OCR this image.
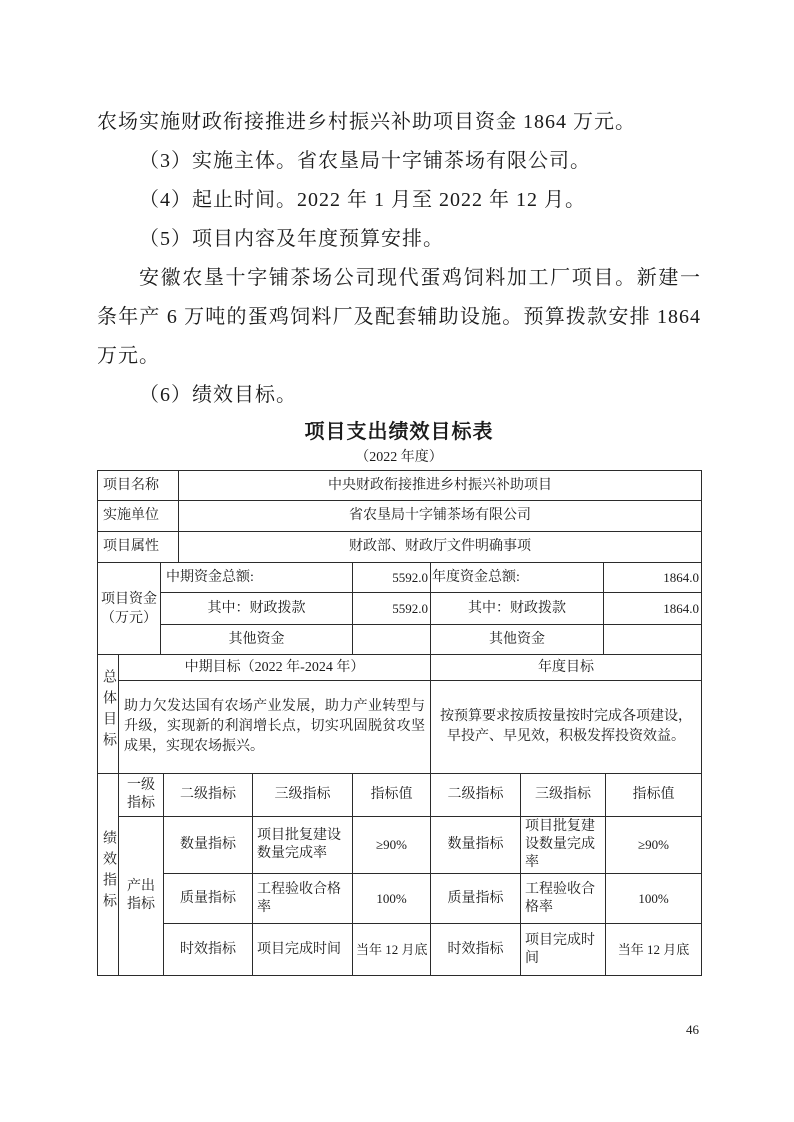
农场实施财政衔接推进乡村振兴补助项目资金 1864 万元。

（3）实施主体。省农垦局十字铺茶场有限公司。

（4）起止时间。2022 年 1 月至 2022 年 12 月。

（5）项目内容及年度预算安排。

安徽农垦十字铺茶场公司现代蛋鸡饲料加工厂项目。新建一条年产 6 万吨的蛋鸡饲料厂及配套辅助设施。预算拨款安排 1864 万元。

（6）绩效目标。

项目支出绩效目标表
（2022 年度）
项目名称	中央财政衔接推进乡村振兴补助项目
实施单位	省农垦局十字铺茶场有限公司
项目属性	财政部、财政厅文件明确事项
项目资金（万元）	中期资金总额:	5592.0	年度资金总额:	1864.0
	其中：财政拨款	5592.0	其中：财政拨款	1864.0
	其他资金		其他资金	
总体目标	中期目标（2022 年-2024 年）	年度目标
	助力欠发达国有农场产业发展，助力产业转型与升级，实现新的利润增长点，切实巩固脱贫攻坚成果，实现农场振兴。	按预算要求按质按量按时完成各项建设，早投产、早见效，积极发挥投资效益。
绩效指标	一级指标	二级指标	三级指标	指标值	二级指标	三级指标	指标值
	产出指标	数量指标	项目批复建设数量完成率	≥90%	数量指标	项目批复建设数量完成率	≥90%
		质量指标	工程验收合格率	100%	质量指标	工程验收合格率	100%
		时效指标	项目完成时间	当年 12 月底	时效指标	项目完成时间	当年 12 月底
46
